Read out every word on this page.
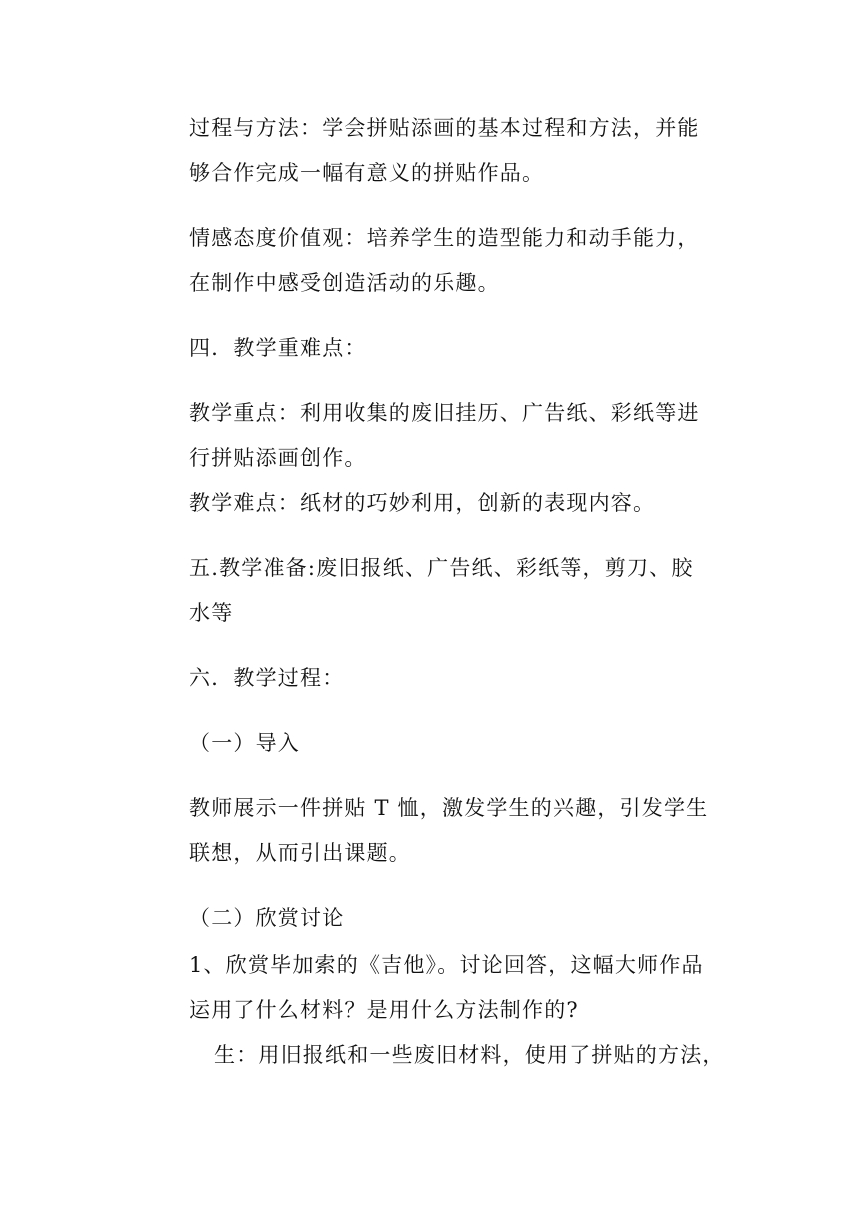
过程与方法：学会拼贴添画的基本过程和方法，并能
够合作完成一幅有意义的拼贴作品。
情感态度价值观：培养学生的造型能力和动手能力，
在制作中感受创造活动的乐趣。
四．教学重难点：
教学重点：利用收集的废旧挂历、广告纸、彩纸等进
行拼贴添画创作。
教学难点：纸材的巧妙利用，创新的表现内容。
五.教学准备:废旧报纸、广告纸、彩纸等，剪刀、胶
水等
六．教学过程：
（一）导入
教师展示一件拼贴 T 恤，激发学生的兴趣，引发学生
联想，从而引出课题。
（二）欣赏讨论
1、欣赏毕加索的《吉他》。讨论回答，这幅大师作品
运用了什么材料？是用什么方法制作的?
生：用旧报纸和一些废旧材料，使用了拼贴的方法，
